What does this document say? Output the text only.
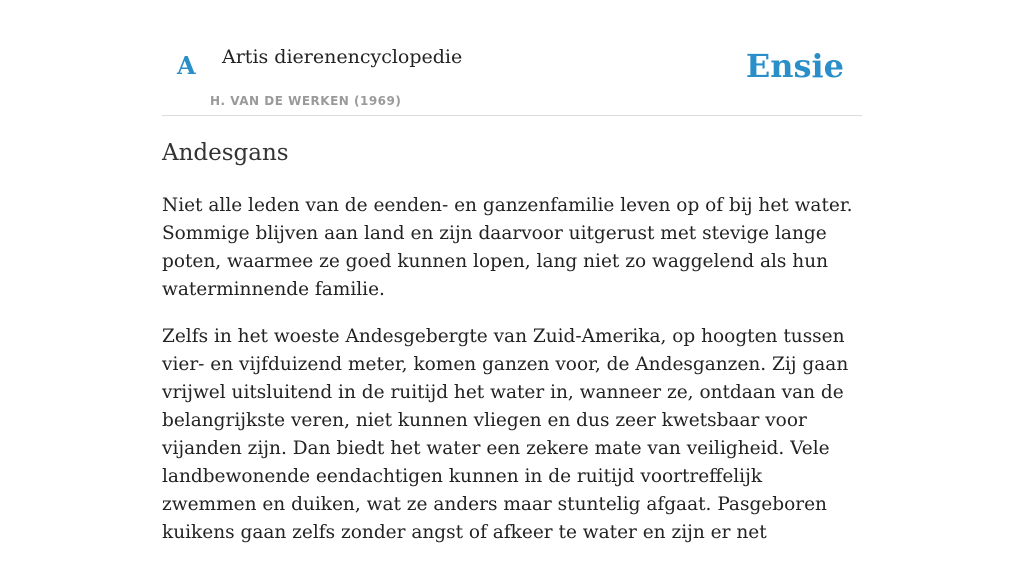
A Artis dierenencyclopedie
H. VAN DE WERKEN (1969)
Ensie
Andesgans

Niet alle leden van de eenden- en ganzenfamilie leven op of bij het water. Sommige blijven aan land en zijn daarvoor uitgerust met stevige lange poten, waarmee ze goed kunnen lopen, lang niet zo waggelend als hun waterminnende familie.

Zelfs in het woeste Andesgebergte van Zuid-Amerika, op hoogten tussen vier- en vijfduizend meter, komen ganzen voor, de Andesganzen. Zij gaan vrijwel uitsluitend in de ruitijd het water in, wanneer ze, ontdaan van de belangrijkste veren, niet kunnen vliegen en dus zeer kwetsbaar voor vijanden zijn. Dan biedt het water een zekere mate van veiligheid. Vele landbewonende eendachtigen kunnen in de ruitijd voortreffelijk zwemmen en duiken, wat ze anders maar stuntelig afgaat. Pasgeboren kuikens gaan zelfs zonder angst of afkeer te water en zijn er net
